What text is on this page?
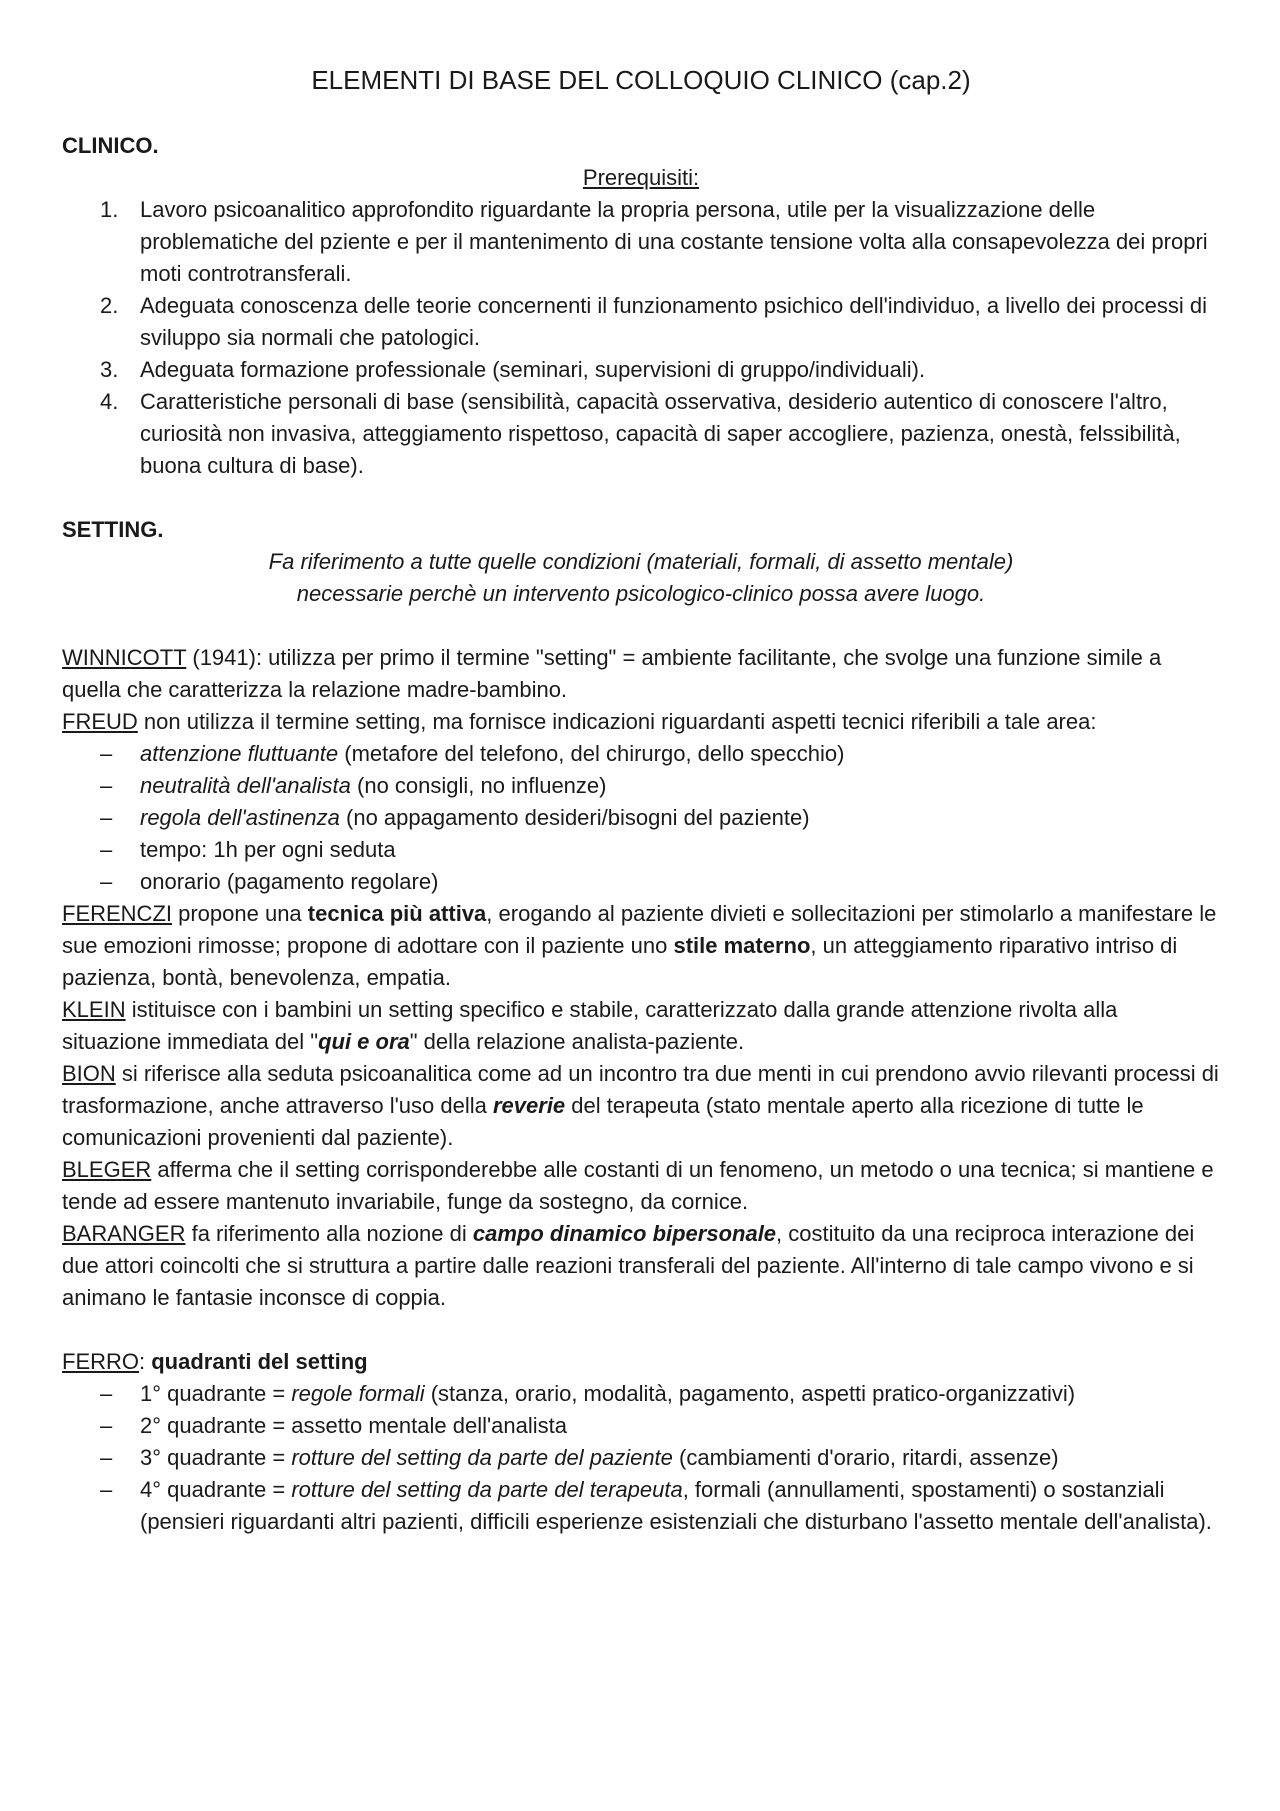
ELEMENTI DI BASE DEL COLLOQUIO CLINICO (cap.2)

CLINICO.

Prerequisiti:

1. Lavoro psicoanalitico approfondito riguardante la propria persona, utile per la visualizzazione delle problematiche del pziente e per il mantenimento di una costante tensione volta alla consapevolezza dei propri moti controtransferali.
2. Adeguata conoscenza delle teorie concernenti il funzionamento psichico dell'individuo, a livello dei processi di sviluppo sia normali che patologici.
3. Adeguata formazione professionale (seminari, supervisioni di gruppo/individuali).
4. Caratteristiche personali di base (sensibilità, capacità osservativa, desiderio autentico di conoscere l'altro, curiosità non invasiva, atteggiamento rispettoso, capacità di saper accogliere, pazienza, onestà, felssibilità, buona cultura di base).

SETTING.

Fa riferimento a tutte quelle condizioni (materiali, formali, di assetto mentale)

necessarie perchè un intervento psicologico-clinico possa avere luogo.

WINNICOTT (1941): utilizza per primo il termine "setting" = ambiente facilitante, che svolge una funzione simile a quella che caratterizza la relazione madre-bambino.

FREUD non utilizza il termine setting, ma fornisce indicazioni riguardanti aspetti tecnici riferibili a tale area:

– attenzione fluttuante (metafore del telefono, del chirurgo, dello specchio)
– neutralità dell'analista (no consigli, no influenze)
– regola dell'astinenza (no appagamento desideri/bisogni del paziente)
– tempo: 1h per ogni seduta
– onorario (pagamento regolare)

FERENCZI propone una tecnica più attiva, erogando al paziente divieti e sollecitazioni per stimolarlo a manifestare le sue emozioni rimosse; propone di adottare con il paziente uno stile materno, un atteggiamento riparativo intriso di pazienza, bontà, benevolenza, empatia.

KLEIN istituisce con i bambini un setting specifico e stabile, caratterizzato dalla grande attenzione rivolta alla situazione immediata del "qui e ora" della relazione analista-paziente.

BION si riferisce alla seduta psicoanalitica come ad un incontro tra due menti in cui prendono avvio rilevanti processi di trasformazione, anche attraverso l'uso della reverie del terapeuta (stato mentale aperto alla ricezione di tutte le comunicazioni provenienti dal paziente).

BLEGER afferma che il setting corrisponderebbe alle costanti di un fenomeno, un metodo o una tecnica; si mantiene e tende ad essere mantenuto invariabile, funge da sostegno, da cornice.

BARANGER fa riferimento alla nozione di campo dinamico bipersonale, costituito da una reciproca interazione dei due attori coincolti che si struttura a partire dalle reazioni transferali del paziente. All'interno di tale campo vivono e si animano le fantasie inconsce di coppia.

FERRO: quadranti del setting

– 1° quadrante = regole formali (stanza, orario, modalità, pagamento, aspetti pratico-organizzativi)
– 2° quadrante = assetto mentale dell'analista
– 3° quadrante = rotture del setting da parte del paziente (cambiamenti d'orario, ritardi, assenze)
– 4° quadrante = rotture del setting da parte del terapeuta, formali (annullamenti, spostamenti) o sostanziali (pensieri riguardanti altri pazienti, difficili esperienze esistenziali che disturbano l'assetto mentale dell'analista).
